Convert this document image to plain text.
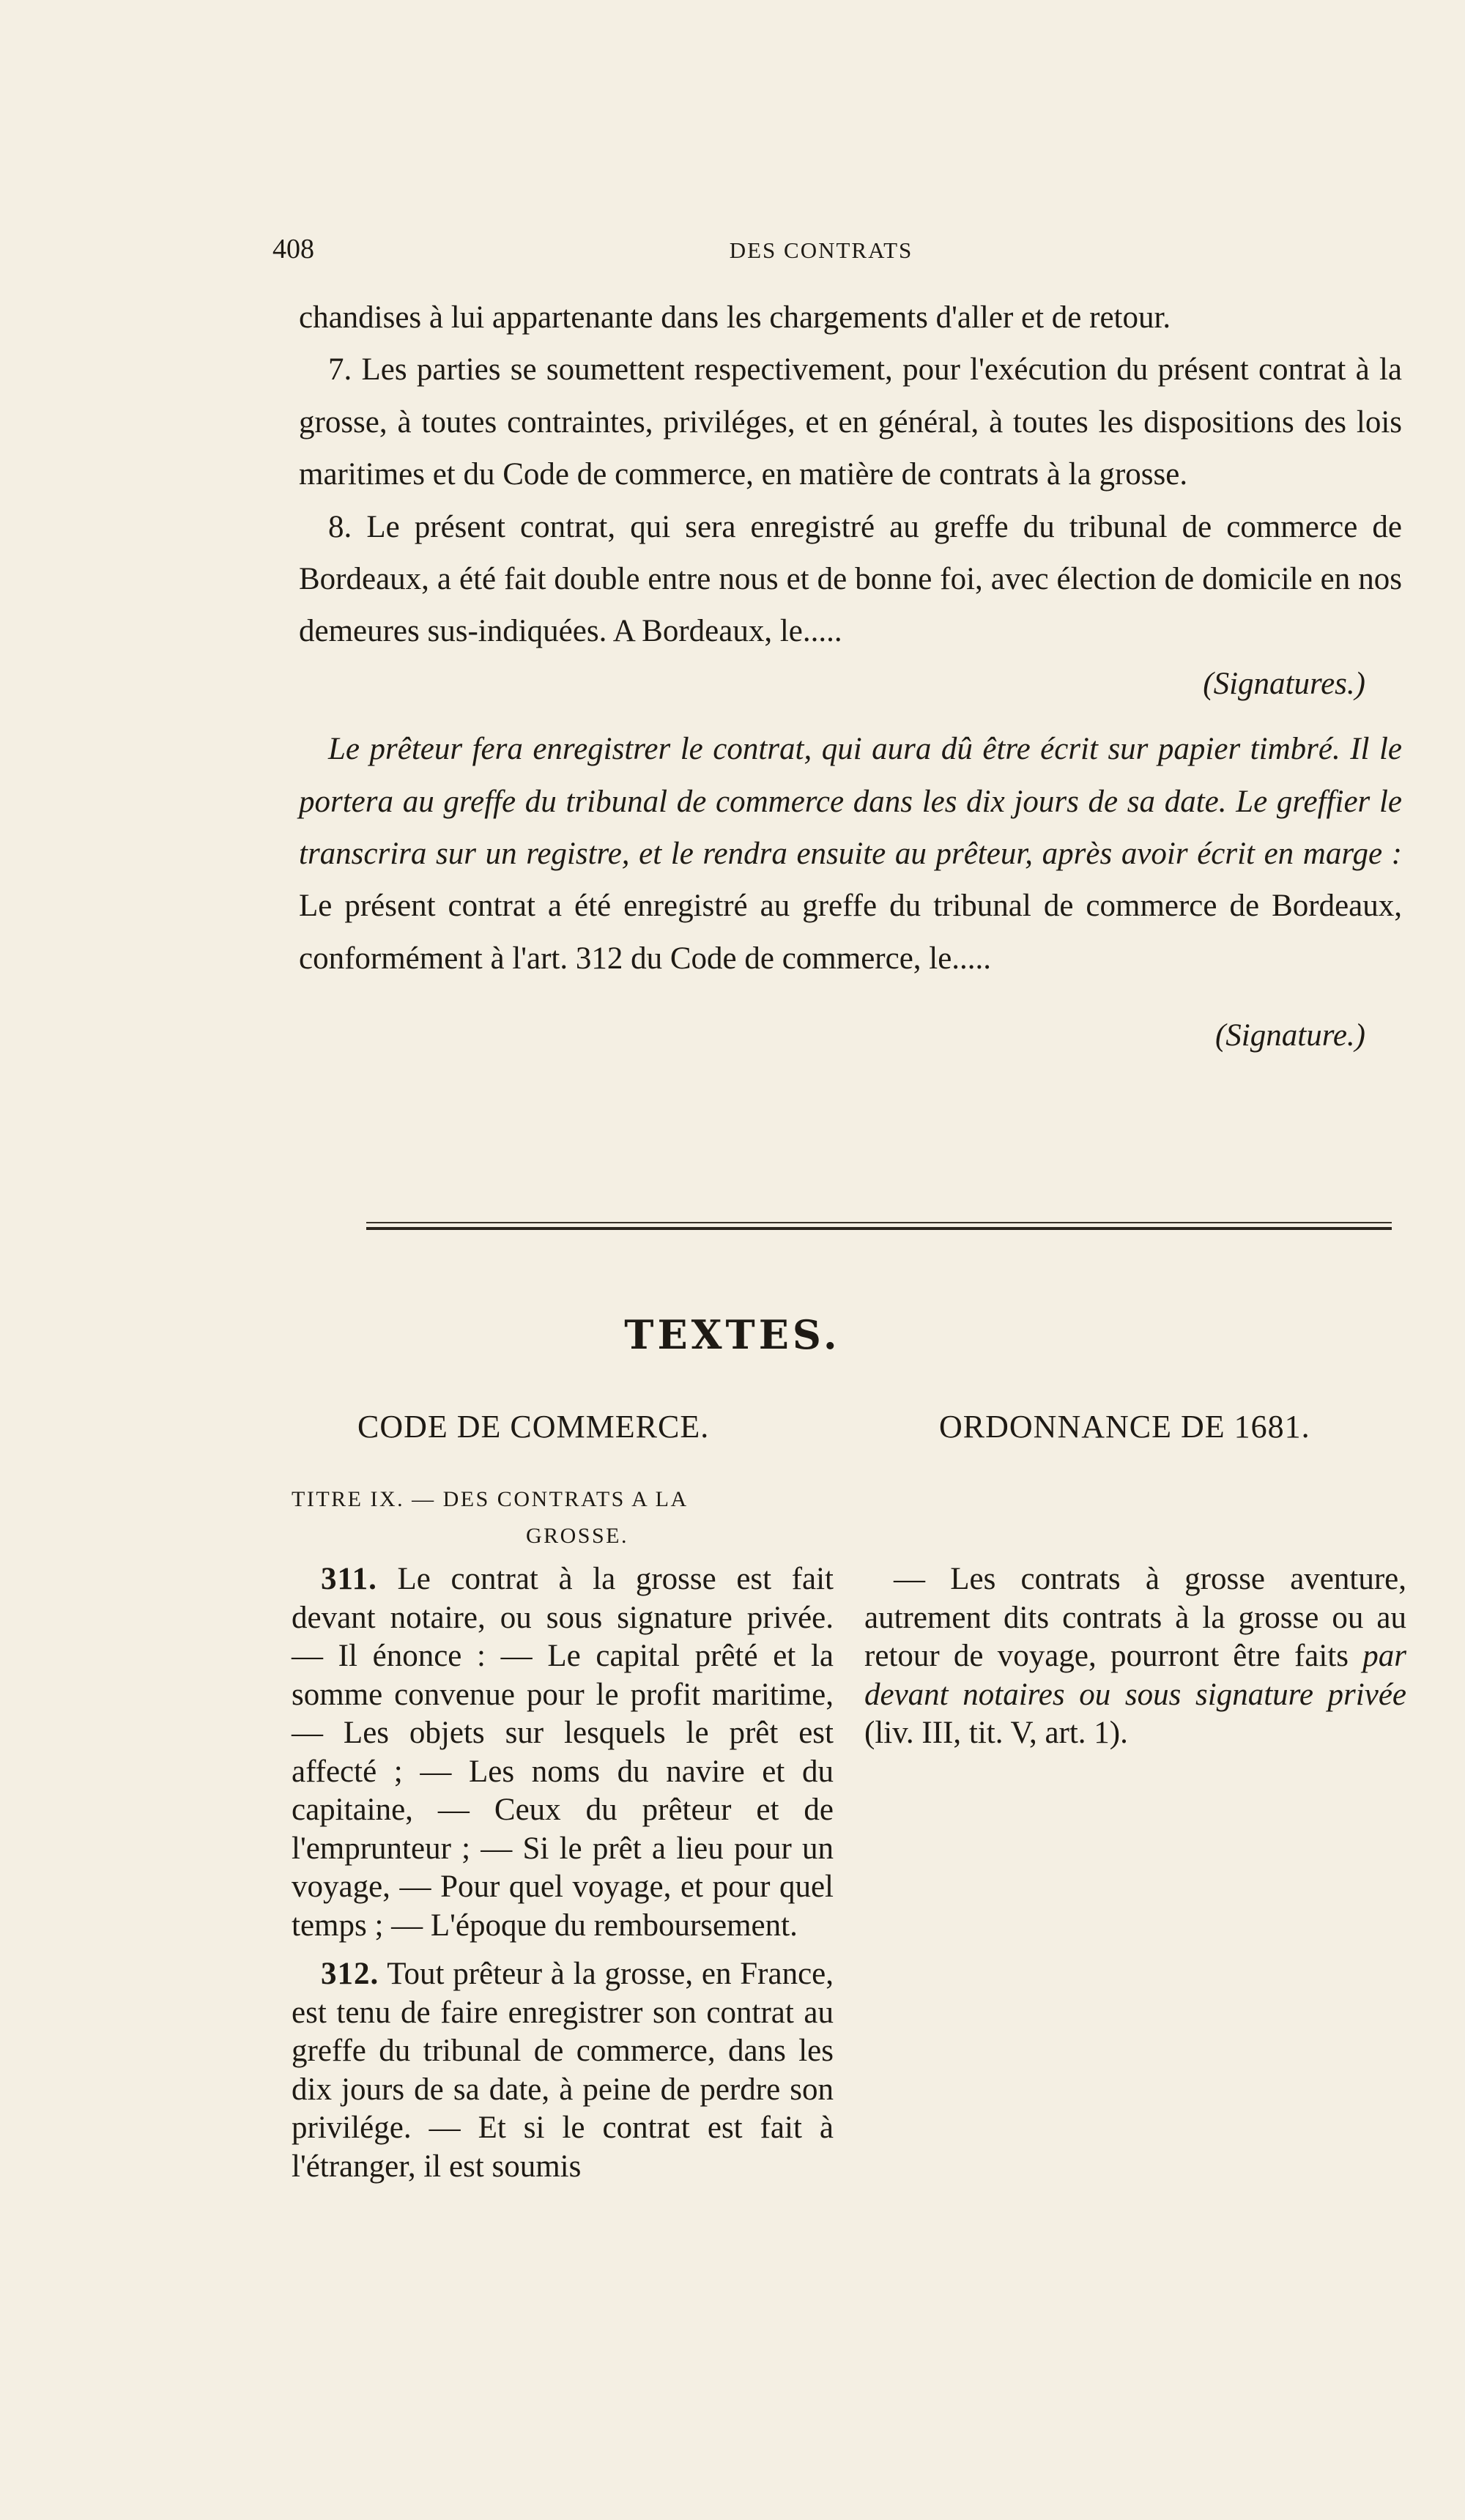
408	DES CONTRATS

chandises à lui appartenante dans les chargements d'aller et de retour.

7. Les parties se soumettent respectivement, pour l'exécution du présent contrat à la grosse, à toutes contraintes, priviléges, et en général, à toutes les dispositions des lois maritimes et du Code de commerce, en matière de contrats à la grosse.

8. Le présent contrat, qui sera enregistré au greffe du tribunal de commerce de Bordeaux, a été fait double entre nous et de bonne foi, avec élection de domicile en nos demeures sus-indiquées. A Bordeaux, le.....

(Signatures.)

Le prêteur fera enregistrer le contrat, qui aura dû être écrit sur papier timbré. Il le portera au greffe du tribunal de commerce dans les dix jours de sa date. Le greffier le transcrira sur un registre, et le rendra ensuite au prêteur, après avoir écrit en marge : Le présent contrat a été enregistré au greffe du tribunal de commerce de Bordeaux, conformément à l'art. 312 du Code de commerce, le.....

(Signature.)

TEXTES.
CODE DE COMMERCE.	ORDONNANCE DE 1681.
TITRE IX. — DES CONTRATS A LA
GROSSE.

311. Le contrat à la grosse est fait devant notaire, ou sous signature privée. — Il énonce : — Le capital prêté et la somme convenue pour le profit maritime, — Les objets sur lesquels le prêt est affecté ; — Les noms du navire et du capitaine, — Ceux du prêteur et de l'emprunteur ; — Si le prêt a lieu pour un voyage, — Pour quel voyage, et pour quel temps ; — L'époque du remboursement.

312. Tout prêteur à la grosse, en France, est tenu de faire enregistrer son contrat au greffe du tribunal de commerce, dans les dix jours de sa date, à peine de perdre son privilége. — Et si le contrat est fait à l'étranger, il est soumis

— Les contrats à grosse aventure, autrement dits contrats à la grosse ou au retour de voyage, pourront être faits par devant notaires ou sous signature privée (liv. III, tit. V, art. 1).
